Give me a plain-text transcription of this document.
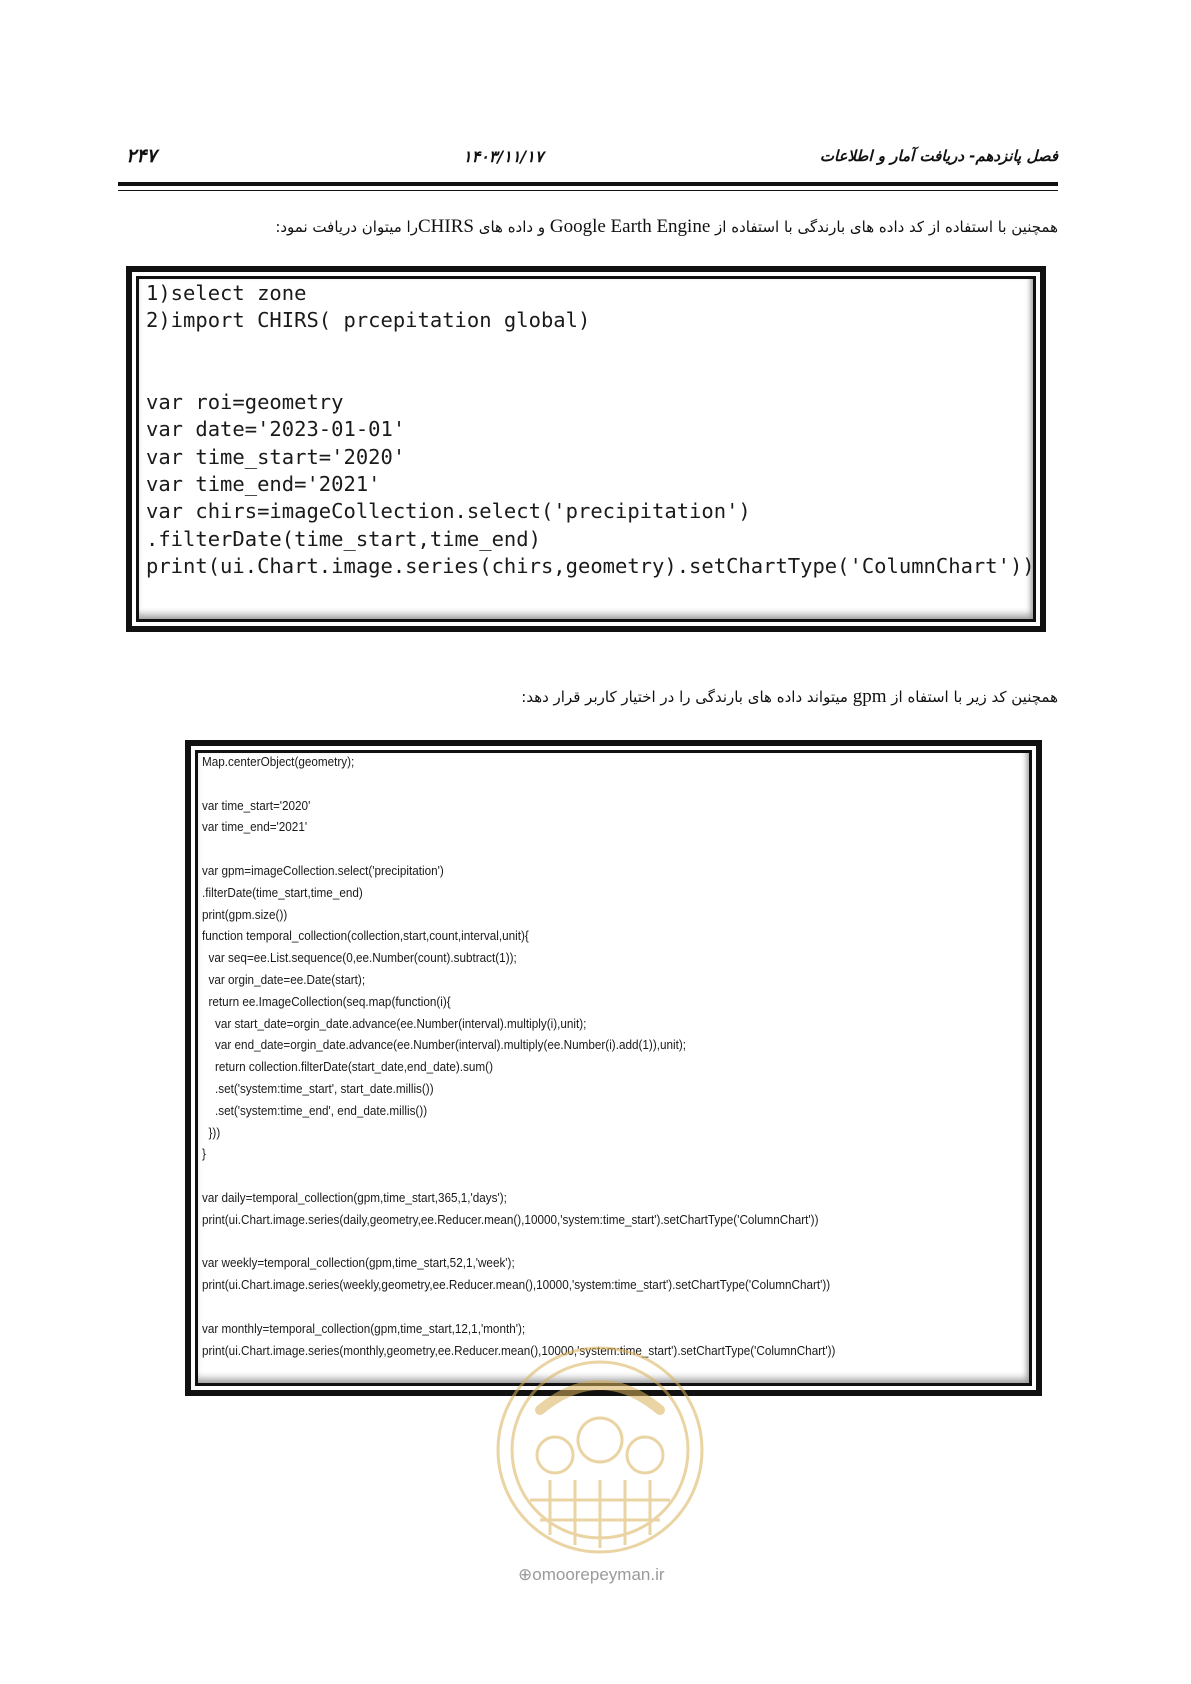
۲۴۷	۱۴۰۳/۱۱/۱۷	فصل پانزدهم- دریافت آمار و اطلاعات
همچنین با استفاده از کد داده های بارندگی با استفاده از Google Earth Engine و داده های CHIRSرا میتوان دریافت نمود:
1)select zone
2)import CHIRS( prcepitation global)

var roi=geometry
var date='2023-01-01'
var time_start='2020'
var time_end='2021'
var chirs=imageCollection.select('precipitation')
.filterDate(time_start,time_end)
print(ui.Chart.image.series(chirs,geometry).setChartType('ColumnChart'))
همچنین کد زیر با استفاه از gpm میتواند داده های بارندگی را در اختیار کاربر قرار دهد:
Map.centerObject(geometry);

var time_start='2020'
var time_end='2021'

var gpm=imageCollection.select('precipitation')
.filterDate(time_start,time_end)
print(gpm.size())
function temporal_collection(collection,start,count,interval,unit){
var seq=ee.List.sequence(0,ee.Number(count).subtract(1));
var orgin_date=ee.Date(start);
return ee.ImageCollection(seq.map(function(i){
var start_date=orgin_date.advance(ee.Number(interval).multiply(i),unit);
var end_date=orgin_date.advance(ee.Number(interval).multiply(ee.Number(i).add(1)),unit);
return collection.filterDate(start_date,end_date).sum()
.set('system:time_start', start_date.millis())
.set('system:time_end', end_date.millis())
}))
}

var daily=temporal_collection(gpm,time_start,365,1,'days');
print(ui.Chart.image.series(daily,geometry,ee.Reducer.mean(),10000,'system:time_start').setChartType('ColumnChart'))

var weekly=temporal_collection(gpm,time_start,52,1,'week');
print(ui.Chart.image.series(weekly,geometry,ee.Reducer.mean(),10000,'system:time_start').setChartType('ColumnChart'))

var monthly=temporal_collection(gpm,time_start,12,1,'month');
print(ui.Chart.image.series(monthly,geometry,ee.Reducer.mean(),10000,'system:time_start').setChartType('ColumnChart'))
⊕omoorepeyman.ir
